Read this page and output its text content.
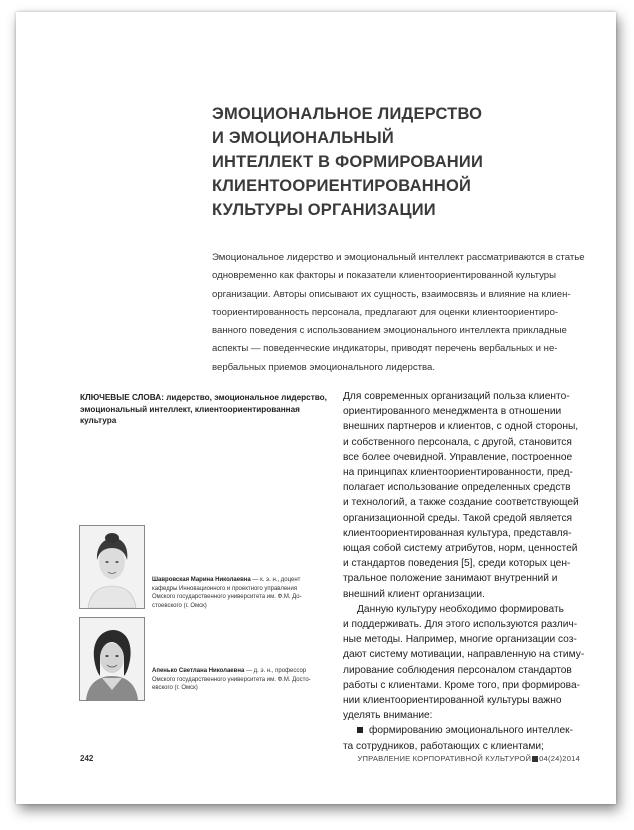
ЭМОЦИОНАЛЬНОЕ ЛИДЕРСТВО
И ЭМОЦИОНАЛЬНЫЙ
ИНТЕЛЛЕКТ В ФОРМИРОВАНИИ
КЛИЕНТООРИЕНТИРОВАННОЙ
КУЛЬТУРЫ ОРГАНИЗАЦИИ
Эмоциональное лидерство и эмоциональный интеллект рассматриваются в статье
одновременно как факторы и показатели клиентоориентированной культуры
организации. Авторы описывают их сущность, взаимосвязь и влияние на клиен-
тоориентированность персонала, предлагают для оценки клиентоориентиро-
ванного поведения с использованием эмоционального интеллекта прикладные
аспекты — поведенческие индикаторы, приводят перечень вербальных и не-
вербальных приемов эмоционального лидерства.
КЛЮЧЕВЫЕ СЛОВА: лидерство, эмоциональное лидерство,
эмоциональный интеллект, клиентоориентированная
культура
Шавровская Марина Николаевна — к. э. н., доцент
кафедры Инновационного и проектного управления
Омского государственного университета им. Ф.М. До-
стоевского (г. Омск)
Апенько Светлана Николаевна — д. э. н., профессор
Омского государственного университета им. Ф.М. Досто-
евского (г. Омск)
Для современных организаций польза клиенто-
ориентированного менеджмента в отношении
внешних партнеров и клиентов, с одной стороны,
и собственного персонала, с другой, становится
все более очевидной. Управление, построенное
на принципах клиентоориентированности, пред-
полагает использование определенных средств
и технологий, а также создание соответствующей
организационной среды. Такой средой является
клиентоориентированная культура, представля-
ющая собой систему атрибутов, норм, ценностей
и стандартов поведения [5], среди которых цен-
тральное положение занимают внутренний и
внешний клиент организации.
Данную культуру необходимо формировать
и поддерживать. Для этого используются различ-
ные методы. Например, многие организации соз-
дают систему мотивации, направленную на стиму-
лирование соблюдения персоналом стандартов
работы с клиентами. Кроме того, при формирова-
нии клиентоориентированной культуры важно
уделять внимание:
формированию эмоционального интеллек-
та сотрудников, работающих с клиентами;
242	УПРАВЛЕНИЕ КОРПОРАТИВНОЙ КУЛЬТУРОЙ 04(24)2014
